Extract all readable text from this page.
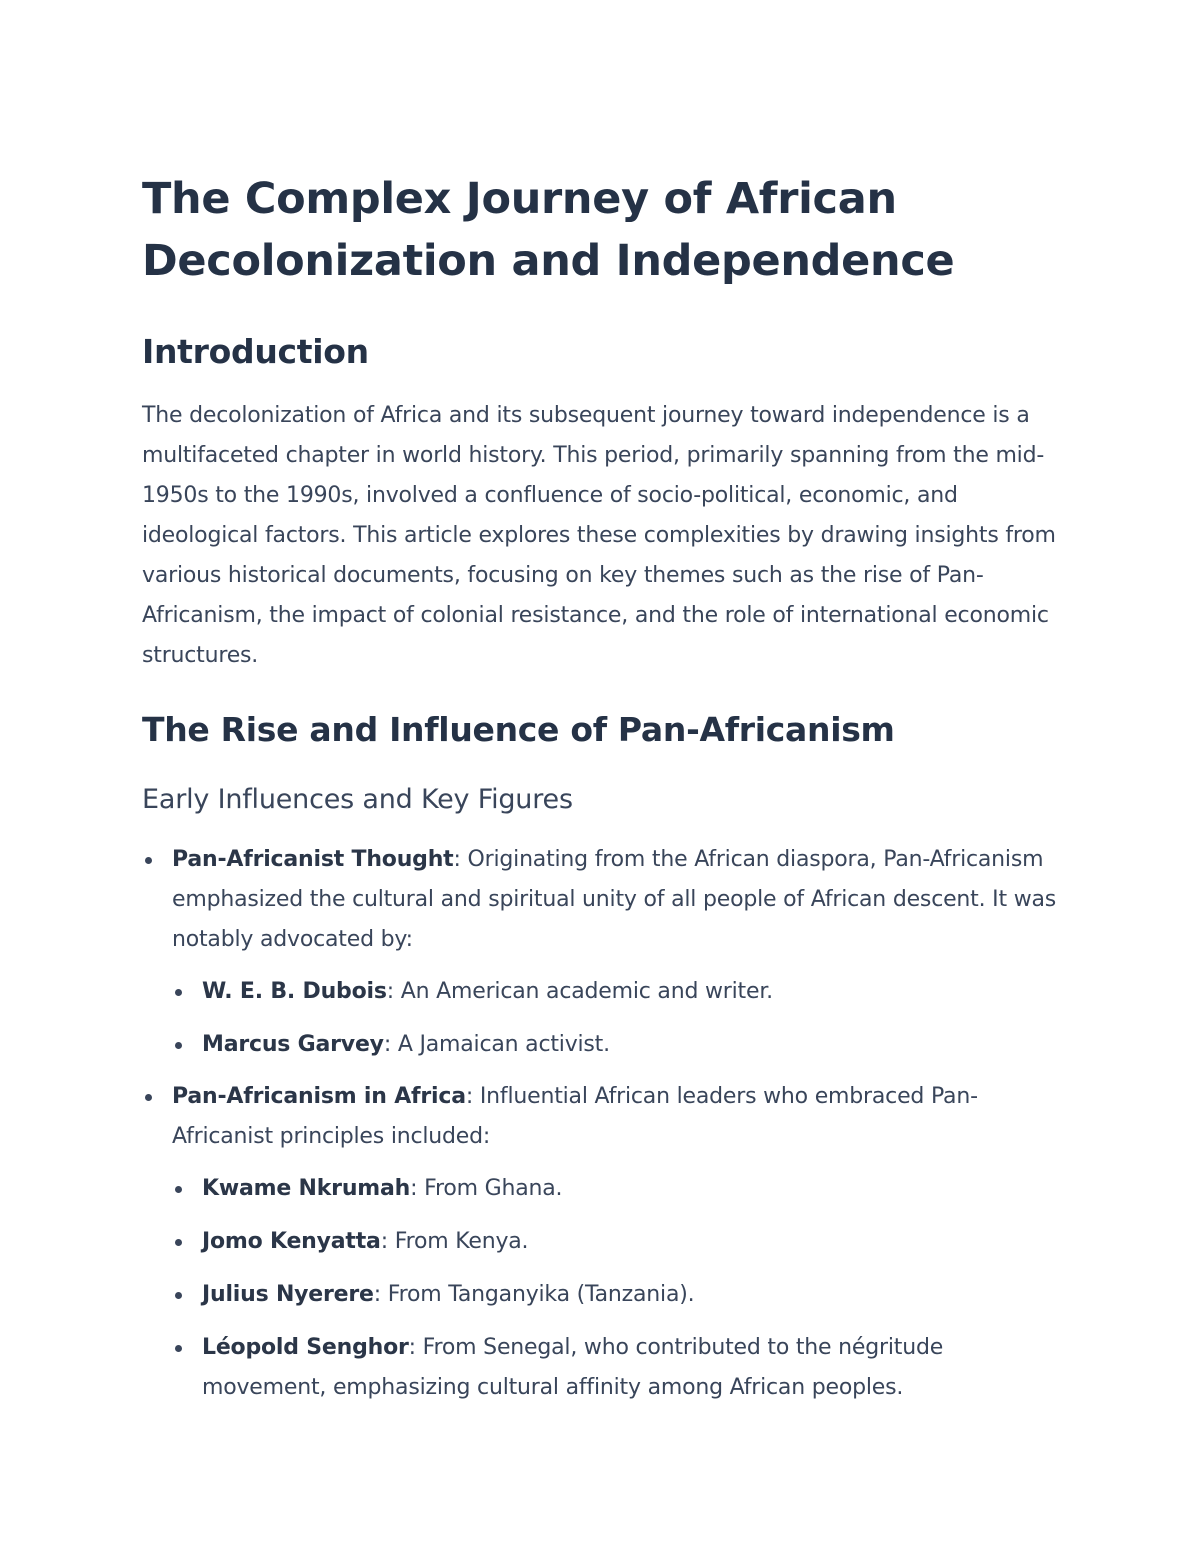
The Complex Journey of African Decolonization and Independence
Introduction

The decolonization of Africa and its subsequent journey toward independence is a multifaceted chapter in world history. This period, primarily spanning from the mid-1950s to the 1990s, involved a confluence of socio-political, economic, and ideological factors. This article explores these complexities by drawing insights from various historical documents, focusing on key themes such as the rise of Pan-Africanism, the impact of colonial resistance, and the role of international economic structures.

The Rise and Influence of Pan-Africanism
Early Influences and Key Figures
Pan-Africanist Thought: Originating from the African diaspora, Pan-Africanism emphasized the cultural and spiritual unity of all people of African descent. It was notably advocated by:
W. E. B. Dubois: An American academic and writer.
Marcus Garvey: A Jamaican activist.
Pan-Africanism in Africa: Influential African leaders who embraced Pan-Africanist principles included:
Kwame Nkrumah: From Ghana.
Jomo Kenyatta: From Kenya.
Julius Nyerere: From Tanganyika (Tanzania).
Léopold Senghor: From Senegal, who contributed to the négritude movement, emphasizing cultural affinity among African peoples.
